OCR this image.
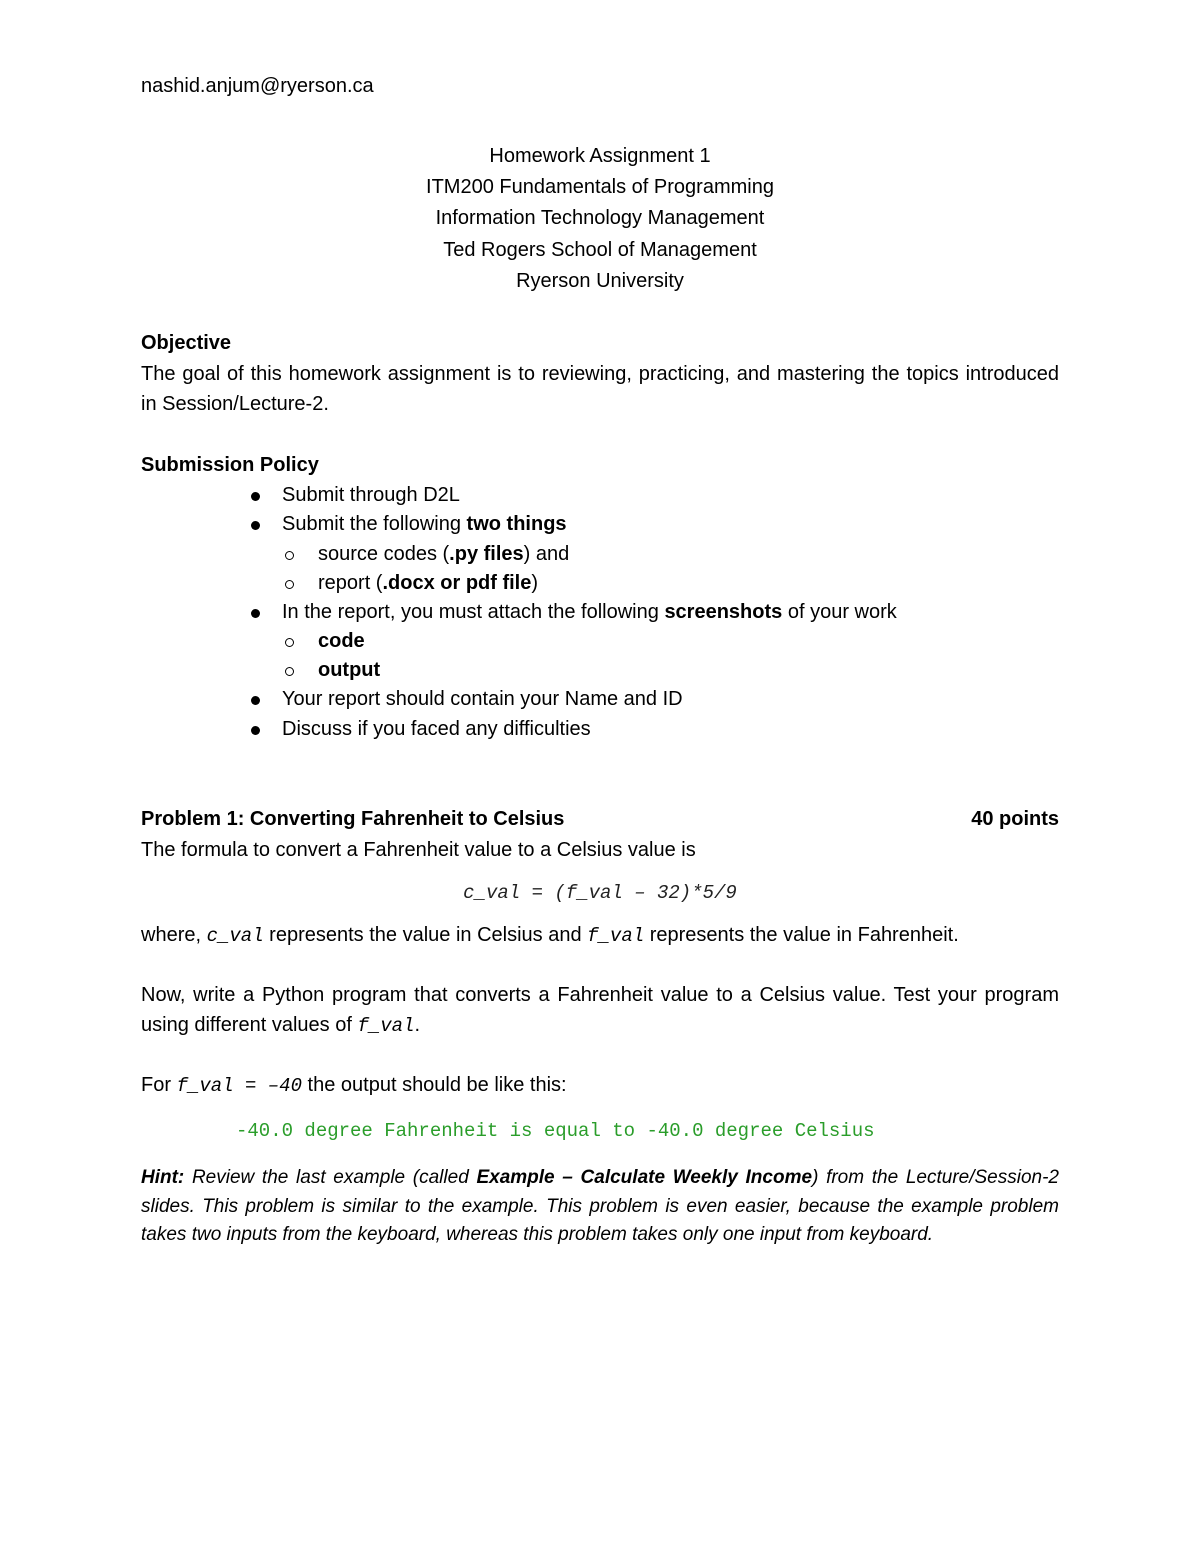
nashid.anjum@ryerson.ca
Homework Assignment 1
ITM200 Fundamentals of Programming
Information Technology Management
Ted Rogers School of Management
Ryerson University

Objective

The goal of this homework assignment is to reviewing, practicing, and mastering the topics introduced in Session/Lecture-2.

Submission Policy

Submit through D2L
Submit the following two things
source codes (.py files) and
report (.docx or pdf file)
In the report, you must attach the following screenshots of your work
code
output
Your report should contain your Name and ID
Discuss if you faced any difficulties
Problem 1: Converting Fahrenheit to Celsius	40 points

The formula to convert a Fahrenheit value to a Celsius value is

c_val = (f_val – 32)*5/9

where, c_val represents the value in Celsius and f_val represents the value in Fahrenheit.

Now, write a Python program that converts a Fahrenheit value to a Celsius value. Test your program using different values of f_val.

For f_val = –40 the output should be like this:

-40.0 degree Fahrenheit is equal to -40.0 degree Celsius

Hint: Review the last example (called Example – Calculate Weekly Income) from the Lecture/Session-2 slides. This problem is similar to the example. This problem is even easier, because the example problem takes two inputs from the keyboard, whereas this problem takes only one input from keyboard.
